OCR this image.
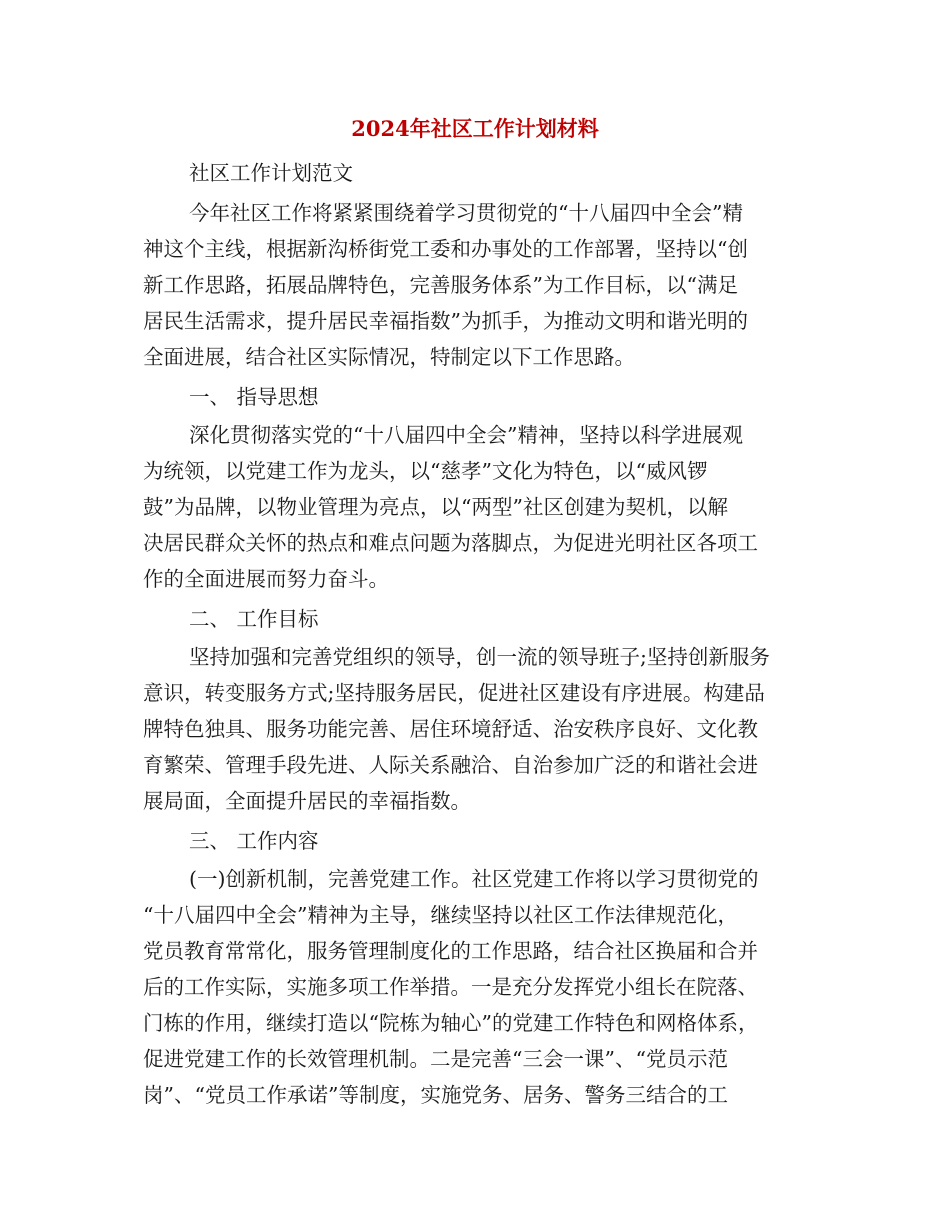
2024年社区工作计划材料

社区工作计划范文

今年社区工作将紧紧围绕着学习贯彻党的“十八届四中全会”精

神这个主线，根据新沟桥街党工委和办事处的工作部署，坚持以“创

新工作思路，拓展品牌特色，完善服务体系”为工作目标，以“满足

居民生活需求，提升居民幸福指数”为抓手，为推动文明和谐光明的

全面进展，结合社区实际情况，特制定以下工作思路。

一、 指导思想

深化贯彻落实党的“十八届四中全会”精神，坚持以科学进展观

为统领，以党建工作为龙头，以“慈孝”文化为特色，以“威风锣

鼓”为品牌，以物业管理为亮点，以“两型”社区创建为契机，以解

决居民群众关怀的热点和难点问题为落脚点，为促进光明社区各项工

作的全面进展而努力奋斗。

二、 工作目标

坚持加强和完善党组织的领导，创一流的领导班子;坚持创新服务

意识，转变服务方式;坚持服务居民，促进社区建设有序进展。构建品

牌特色独具、服务功能完善、居住环境舒适、治安秩序良好、文化教

育繁荣、管理手段先进、人际关系融洽、自治参加广泛的和谐社会进

展局面，全面提升居民的幸福指数。

三、 工作内容

(一)创新机制，完善党建工作。社区党建工作将以学习贯彻党的

“十八届四中全会”精神为主导，继续坚持以社区工作法律规范化，

党员教育常常化，服务管理制度化的工作思路，结合社区换届和合并

后的工作实际，实施多项工作举措。一是充分发挥党小组长在院落、

门栋的作用，继续打造以“院栋为轴心”的党建工作特色和网格体系，

促进党建工作的长效管理机制。二是完善“三会一课”、“党员示范

岗”、“党员工作承诺”等制度，实施党务、居务、警务三结合的工
